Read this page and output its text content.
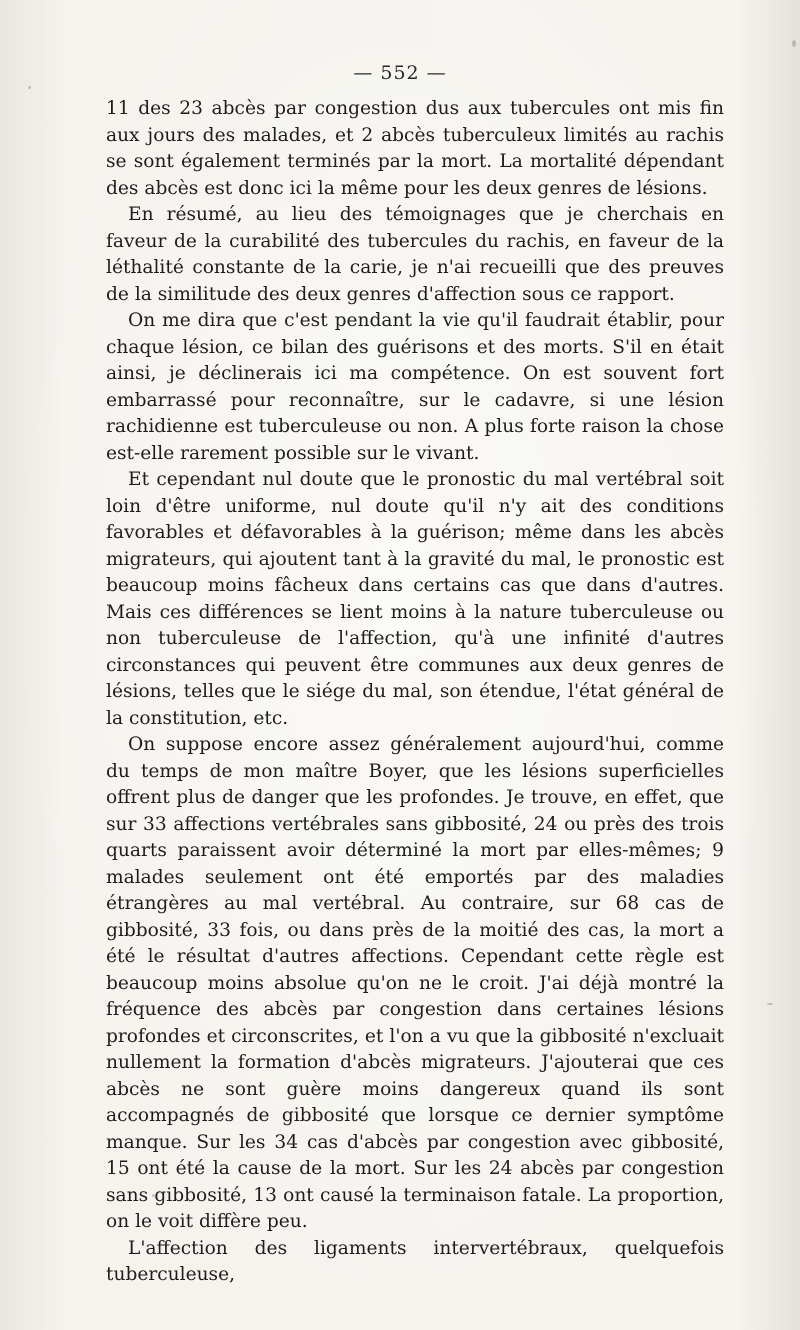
— 552 —

11 des 23 abcès par congestion dus aux tubercules ont mis fin aux jours des malades, et 2 abcès tuberculeux limités au rachis se sont également terminés par la mort. La mortalité dépendant des abcès est donc ici la même pour les deux genres de lésions.

En résumé, au lieu des témoignages que je cherchais en faveur de la curabilité des tubercules du rachis, en faveur de la léthalité constante de la carie, je n'ai recueilli que des preuves de la similitude des deux genres d'affection sous ce rapport.

On me dira que c'est pendant la vie qu'il faudrait établir, pour chaque lésion, ce bilan des guérisons et des morts. S'il en était ainsi, je déclinerais ici ma compétence. On est souvent fort embarrassé pour reconnaître, sur le cadavre, si une lésion rachidienne est tuberculeuse ou non. A plus forte raison la chose est-elle rarement possible sur le vivant.

Et cependant nul doute que le pronostic du mal vertébral soit loin d'être uniforme, nul doute qu'il n'y ait des conditions favorables et défavorables à la guérison; même dans les abcès migrateurs, qui ajoutent tant à la gravité du mal, le pronostic est beaucoup moins fâcheux dans certains cas que dans d'autres. Mais ces différences se lient moins à la nature tuberculeuse ou non tuberculeuse de l'affection, qu'à une infinité d'autres circonstances qui peuvent être communes aux deux genres de lésions, telles que le siége du mal, son étendue, l'état général de la constitution, etc.

On suppose encore assez généralement aujourd'hui, comme du temps de mon maître Boyer, que les lésions superficielles offrent plus de danger que les profondes. Je trouve, en effet, que sur 33 affections vertébrales sans gibbosité, 24 ou près des trois quarts paraissent avoir déterminé la mort par elles-mêmes; 9 malades seulement ont été emportés par des maladies étrangères au mal vertébral. Au contraire, sur 68 cas de gibbosité, 33 fois, ou dans près de la moitié des cas, la mort a été le résultat d'autres affections. Cependant cette règle est beaucoup moins absolue qu'on ne le croit. J'ai déjà montré la fréquence des abcès par congestion dans certaines lésions profondes et circonscrites, et l'on a vu que la gibbosité n'excluait nullement la formation d'abcès migrateurs. J'ajouterai que ces abcès ne sont guère moins dangereux quand ils sont accompagnés de gibbosité que lorsque ce dernier symptôme manque. Sur les 34 cas d'abcès par congestion avec gibbosité, 15 ont été la cause de la mort. Sur les 24 abcès par congestion sans gibbosité, 13 ont causé la terminaison fatale. La proportion, on le voit diffère peu.

L'affection des ligaments intervertébraux, quelquefois tuberculeuse,
